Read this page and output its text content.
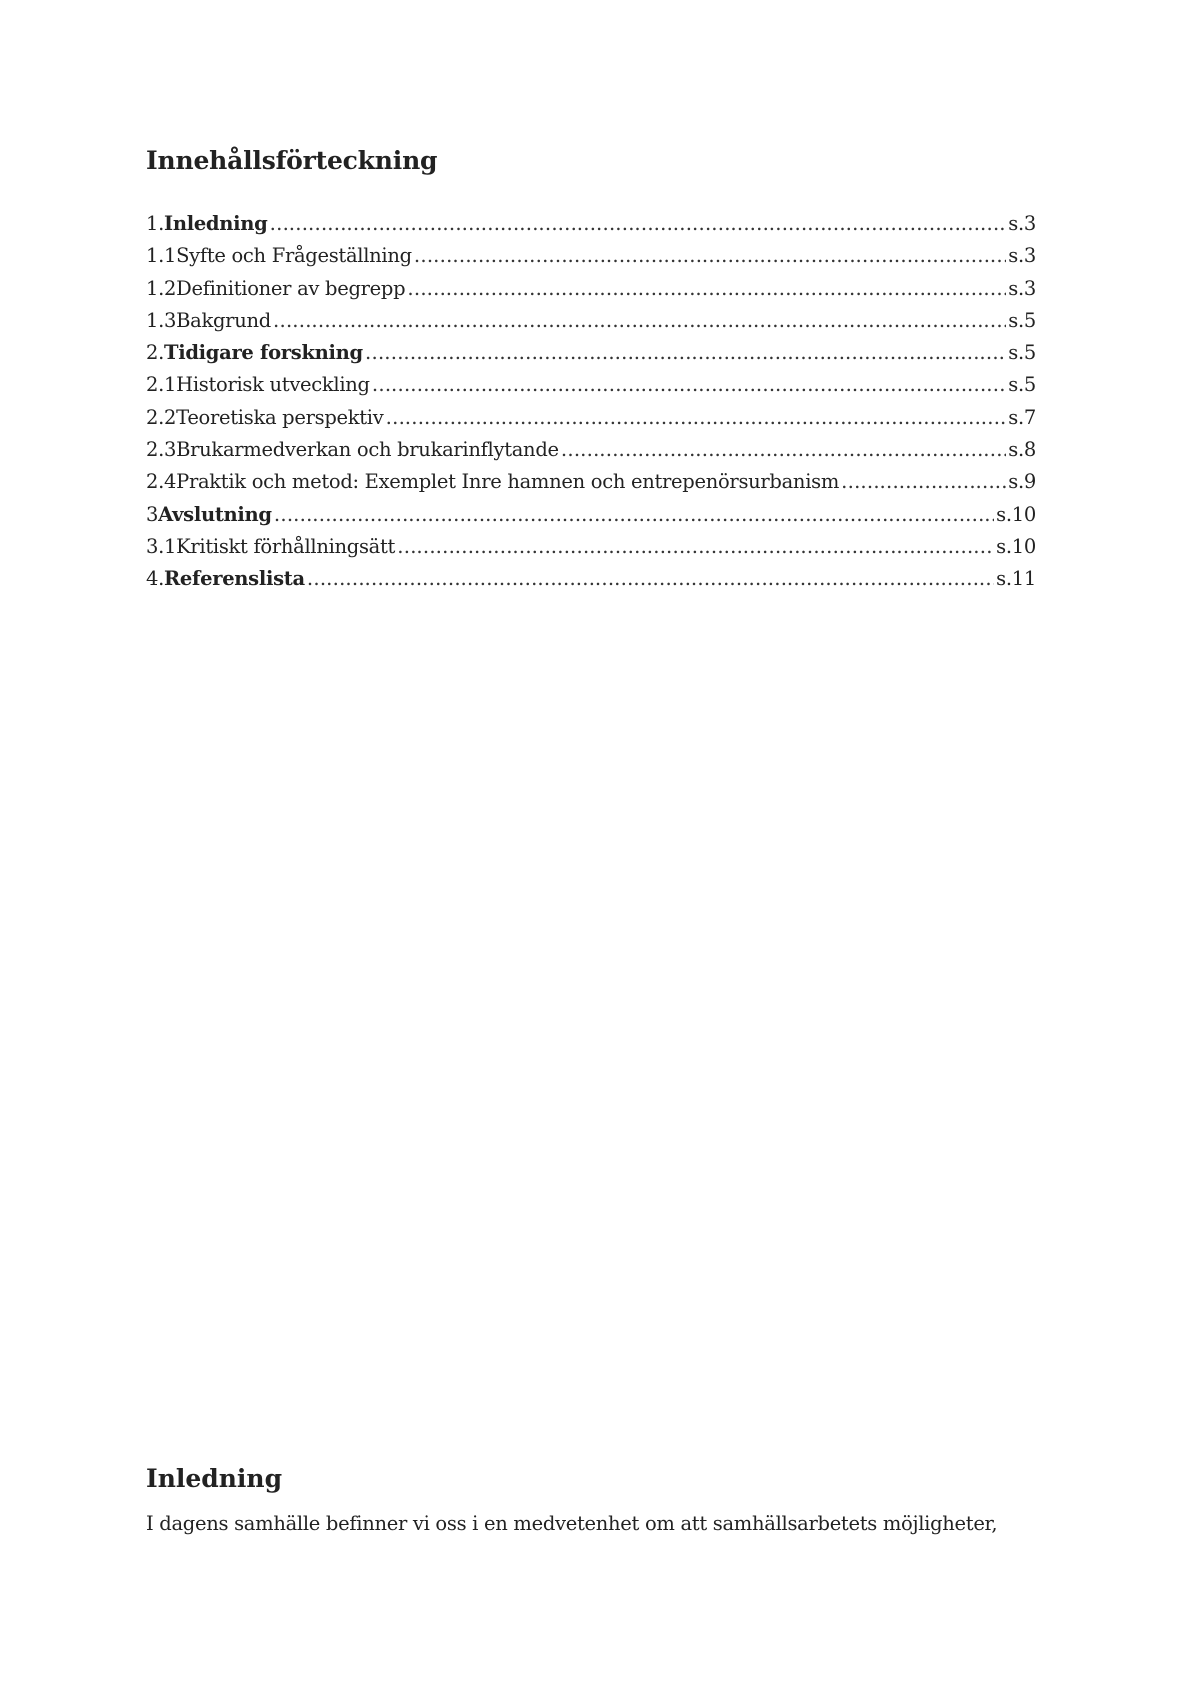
Innehållsförteckning
1. Inledning ……………………………………………………………………………………………………………………………………………………………………………………………………	s.3
1.1 Syfte och Frågeställning ……………………………………………………………………………………………………………………………………………………………………………………………………	s.3
1.2 Definitioner av begrepp ……………………………………………………………………………………………………………………………………………………………………………………………………	s.3
1.3 Bakgrund ……………………………………………………………………………………………………………………………………………………………………………………………………	s.5
2. Tidigare forskning ……………………………………………………………………………………………………………………………………………………………………………………………………	s.5
2.1 Historisk utveckling ……………………………………………………………………………………………………………………………………………………………………………………………………	s.5
2.2 Teoretiska perspektiv ……………………………………………………………………………………………………………………………………………………………………………………………………	s.7
2.3 Brukarmedverkan och brukarinflytande ……………………………………………………………………………………………………………………………………………………………………………………………………	s.8
2.4 Praktik och metod: Exemplet Inre hamnen och entrepenörsurbanism ……………………………………………………………………………………………………………………………………………………………………………………………………	s.9
3 Avslutning ……………………………………………………………………………………………………………………………………………………………………………………………………	s.10
3.1 Kritiskt förhållningsätt ……………………………………………………………………………………………………………………………………………………………………………………………………	s.10
4. Referenslista ……………………………………………………………………………………………………………………………………………………………………………………………………	s.11
Inledning

I dagens samhälle befinner vi oss i en medvetenhet om att samhällsarbetets möjligheter,
